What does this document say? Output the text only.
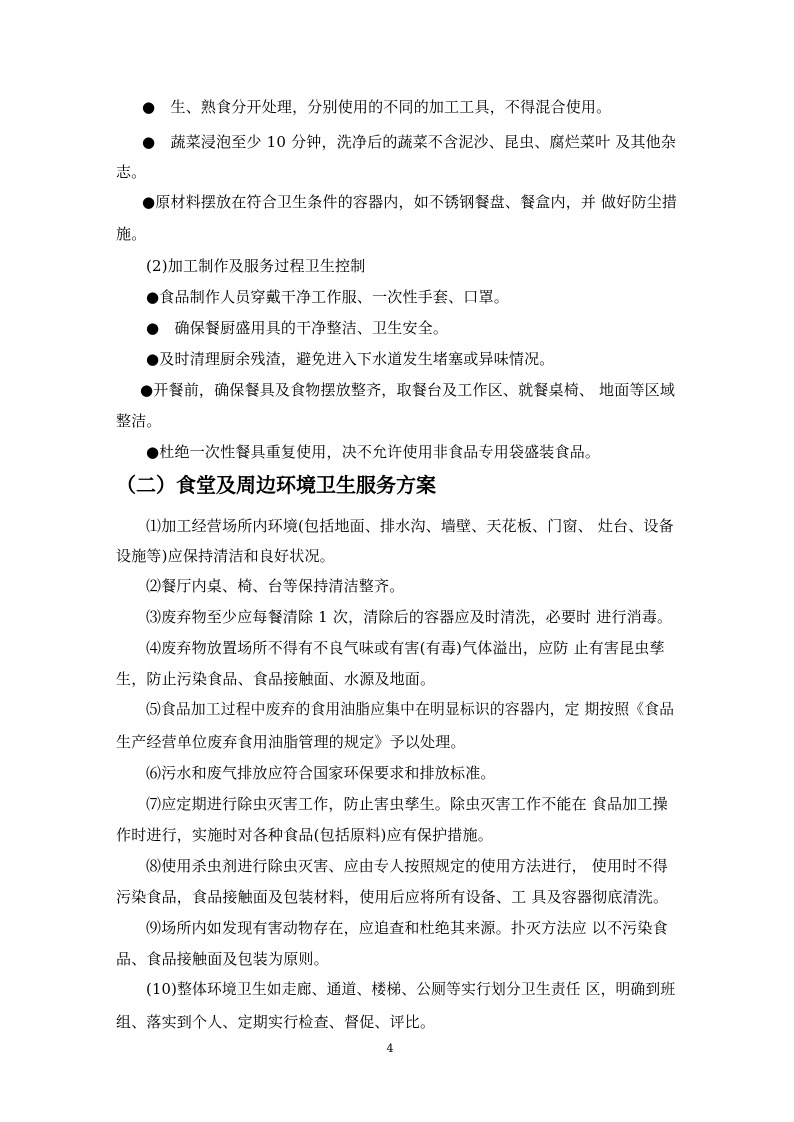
●　生、熟食分开处理，分别使用的不同的加工工具，不得混合使用。
●　蔬菜浸泡至少 10 分钟，洗净后的蔬菜不含泥沙、昆虫、腐烂菜叶 及其他杂
志。
●原材料摆放在符合卫生条件的容器内，如不锈钢餐盘、餐盒内，并 做好防尘措
施。
(2)加工制作及服务过程卫生控制
●食品制作人员穿戴干净工作服、一次性手套、口罩。
●　确保餐厨盛用具的干净整洁、卫生安全。
●及时清理厨余残渣，避免进入下水道发生堵塞或异味情况。
●开餐前，确保餐具及食物摆放整齐，取餐台及工作区、就餐桌椅、 地面等区域
整洁。
●杜绝一次性餐具重复使用，决不允许使用非食品专用袋盛装食品。
（二）食堂及周边环境卫生服务方案
⑴加工经营场所内环境(包括地面、排水沟、墙壁、天花板、门窗、 灶台、设备
设施等)应保持清洁和良好状况。
⑵餐厅内桌、椅、台等保持清洁整齐。
⑶废弃物至少应每餐清除 1 次，清除后的容器应及时清洗，必要时 进行消毒。
⑷废弃物放置场所不得有不良气味或有害(有毒)气体溢出，应防 止有害昆虫孳
生，防止污染食品、食品接触面、水源及地面。
⑸食品加工过程中废弃的食用油脂应集中在明显标识的容器内，定 期按照《食品
生产经营单位废弃食用油脂管理的规定》予以处理。
⑹污水和废气排放应符合国家环保要求和排放标准。
⑺应定期进行除虫灭害工作，防止害虫孳生。除虫灭害工作不能在 食品加工操
作时进行，实施时对各种食品(包括原料)应有保护措施。
⑻使用杀虫剂进行除虫灭害、应由专人按照规定的使用方法进行， 使用时不得
污染食品，食品接触面及包装材料，使用后应将所有设备、工 具及容器彻底清洗。
⑼场所内如发现有害动物存在，应追查和杜绝其来源。扑灭方法应 以不污染食
品、食品接触面及包装为原则。
(10)整体环境卫生如走廊、通道、楼梯、公厕等实行划分卫生责任 区，明确到班
组、落实到个人、定期实行检查、督促、评比。
4
